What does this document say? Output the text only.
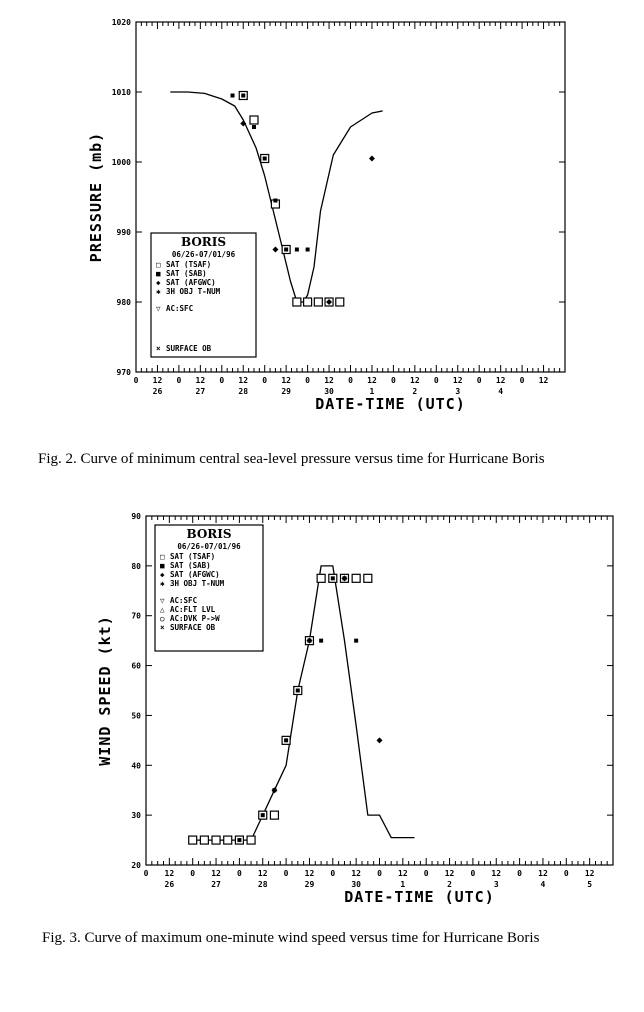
970
980
990
1000
1010
1020
0 12 0 12 0 12 0 12 0 12 0 12 0 12 0 12 0 12 0 12
26	27	28	29	30	1	2	3	4
PRESSURE (mb)
DATE-TIME (UTC)
BORIS
06/26-07/01/96
□ SAT (TSAF)
■ SAT (SAB)
◆ SAT (AFGWC)
✱ 3H OBJ T-NUM
▽ AC:SFC
× SURFACE OB
Fig. 2. Curve of minimum central sea-level pressure versus time for Hurricane Boris
20
30
40
50
60
70
80
90
0 12 0 12 0 12 0 12 0 12 0 12 0 12 0 12 0 12 0 12
26	27	28	29	30	1	2	3	4	5
WIND SPEED (kt)
DATE-TIME (UTC)
BORIS
06/26-07/01/96
□ SAT (TSAF)
■ SAT (SAB)
◆ SAT (AFGWC)
✱ 3H OBJ T-NUM
▽ AC:SFC
△ AC:FLT LVL
○ AC:DVK P->W
× SURFACE OB
Fig. 3. Curve of maximum one-minute wind speed versus time for Hurricane Boris
